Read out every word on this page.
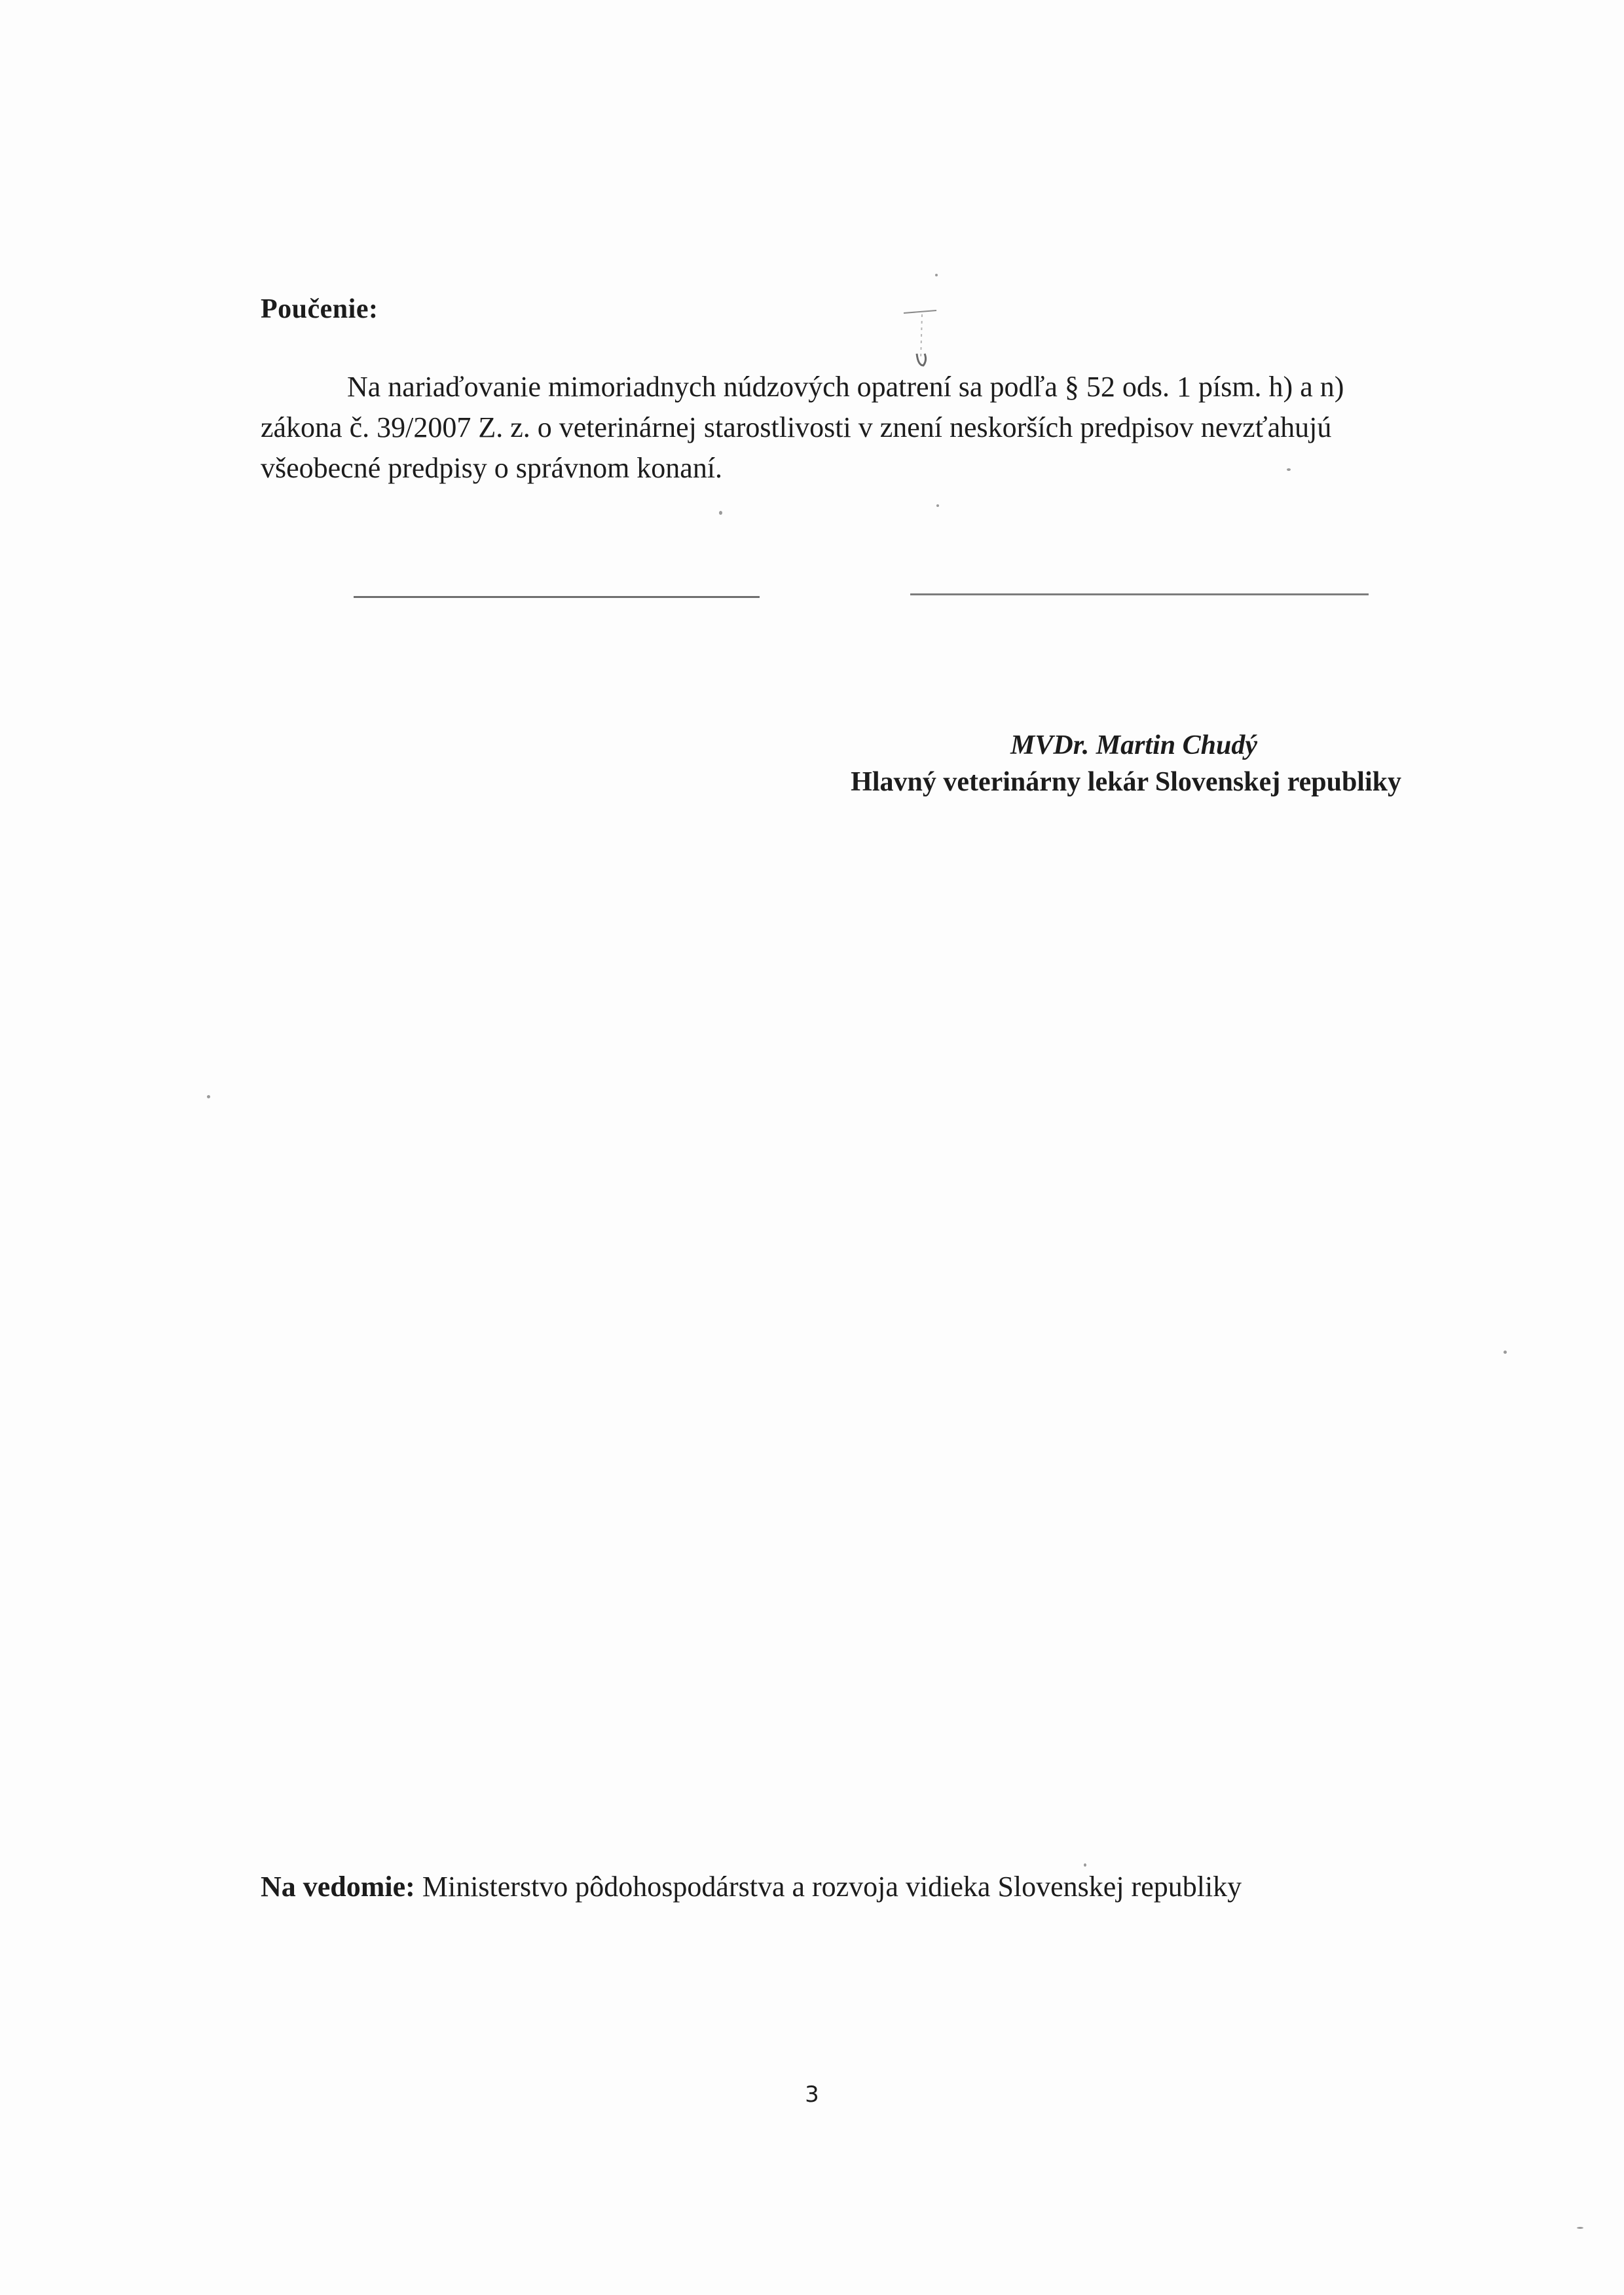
Poučenie:

Na nariaďovanie mimoriadnych núdzových opatrení sa podľa § 52 ods. 1 písm. h) a n)
zákona č. 39/2007 Z. z. o veterinárnej starostlivosti v znení neskorších predpisov nevzťahujú
všeobecné predpisy o správnom konaní.

MVDr. Martin Chudý
Hlavný veterinárny lekár Slovenskej republiky

Na vedomie: Ministerstvo pôdohospodárstva a rozvoja vidieka Slovenskej republiky

3
